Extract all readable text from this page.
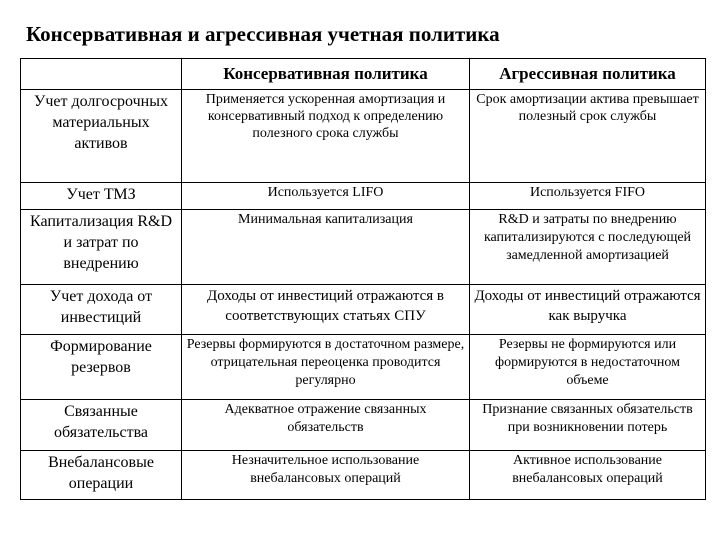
Консервативная и агрессивная учетная политика
	Консервативная политика	Агрессивная политика
Учет долгосрочных материальных активов	Применяется ускоренная амортизация и консервативный подход к определению полезного срока службы	Срок амортизации актива превышает полезный срок службы
Учет ТМЗ	Используется LIFO	Используется FIFO
Капитализация R&D и затрат по внедрению	Минимальная капитализация	R&D и затраты по внедрению капитализируются с последующей замедленной амортизацией
Учет дохода от инвестиций	Доходы от инвестиций отражаются в соответствующих статьях СПУ	Доходы от инвестиций отражаются как выручка
Формирование резервов	Резервы формируются в достаточном размере, отрицательная переоценка проводится регулярно	Резервы не формируются или формируются в недостаточном объеме
Связанные обязательства	Адекватное отражение связанных обязательств	Признание связанных обязательств при возникновении потерь
Внебалансовые операции	Незначительное использование внебалансовых операций	Активное использование внебалансовых операций
